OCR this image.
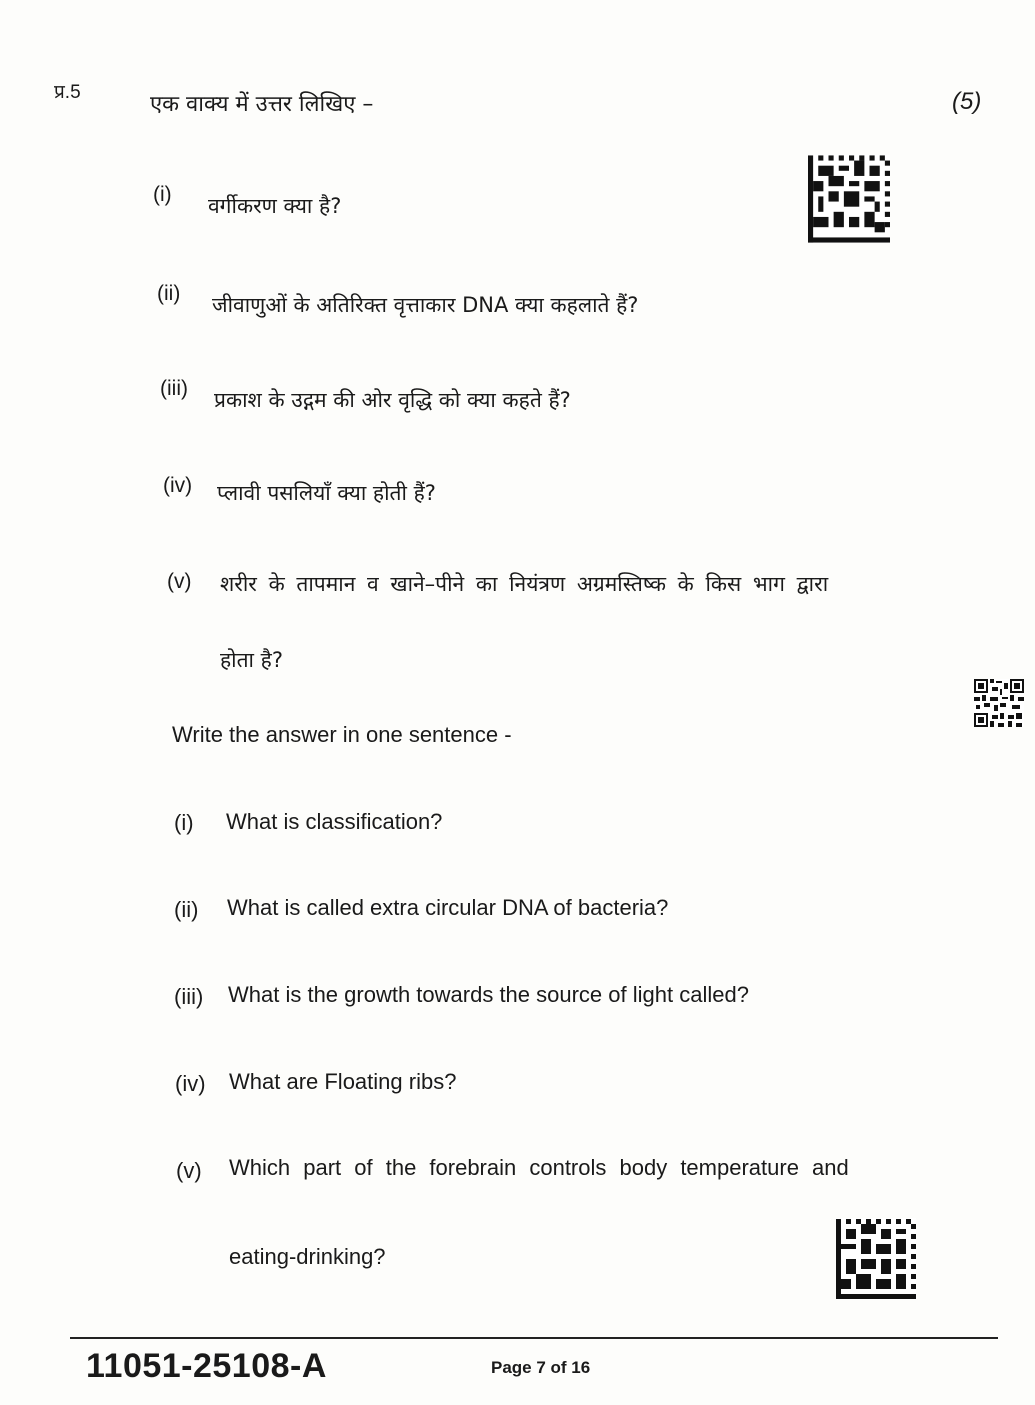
प्र.5	एक वाक्य में उत्तर लिखिए –	(5)
(i) वर्गीकरण क्या है?
(ii) जीवाणुओं के अतिरिक्त वृत्ताकार DNA क्या कहलाते हैं?
(iii) प्रकाश के उद्गम की ओर वृद्धि को क्या कहते हैं?
(iv) प्लावी पसलियाँ क्या होती हैं?
(v) शरीर के तापमान व खाने–पीने का नियंत्रण अग्रमस्तिष्क के किस भाग द्वारा
होता है?
Write the answer in one sentence -
(i) What is classification?
(ii) What is called extra circular DNA of bacteria?
(iii) What is the growth towards the source of light called?
(iv) What are Floating ribs?
(v) Which part of the forebrain controls body temperature and
eating-drinking?
11051-25108-A	Page 7 of 16
